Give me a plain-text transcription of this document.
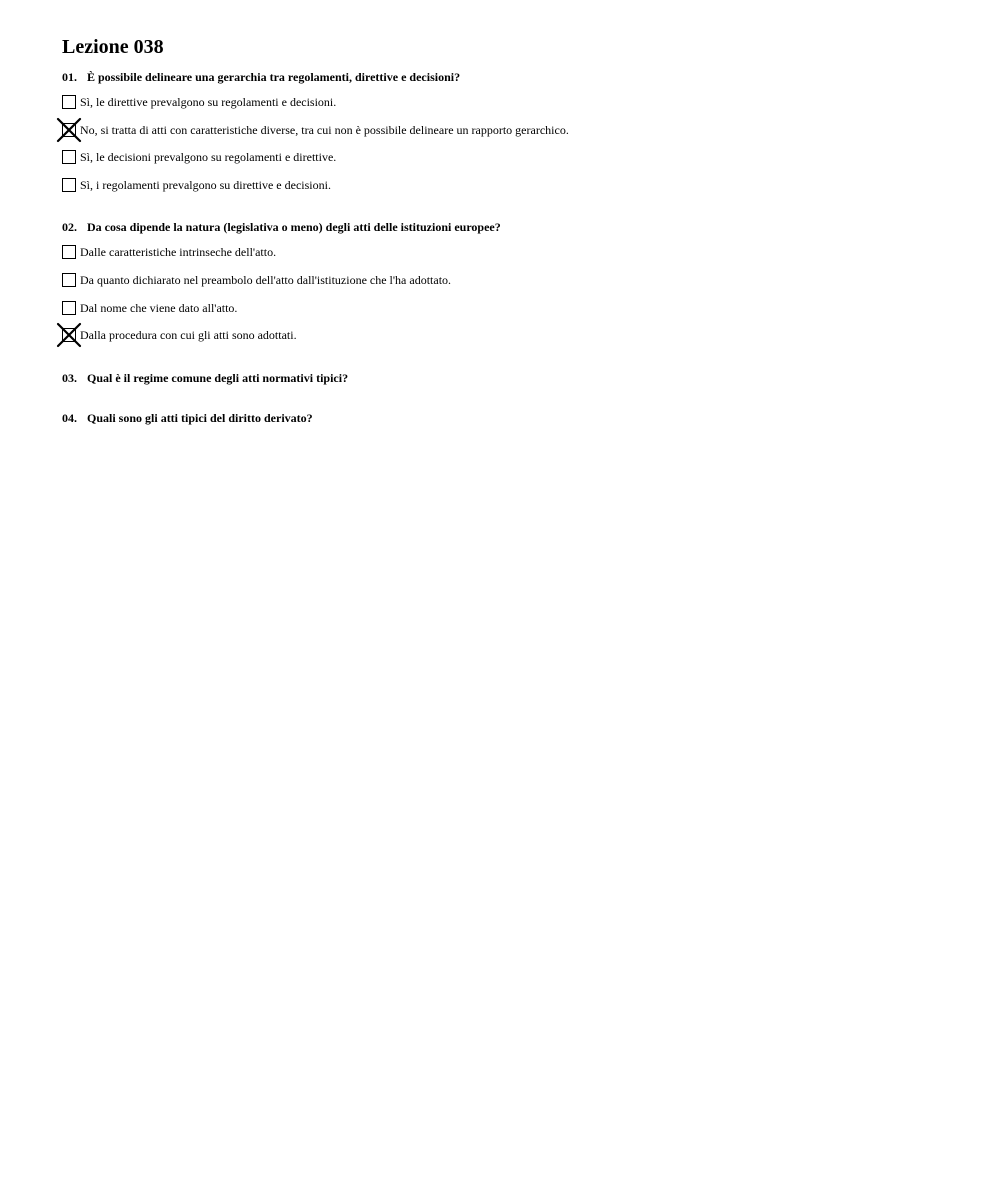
Lezione 038
01. È possibile delineare una gerarchia tra regolamenti, direttive e decisioni?
Sì, le direttive prevalgono su regolamenti e decisioni.
No, si tratta di atti con caratteristiche diverse, tra cui non è possibile delineare un rapporto gerarchico.
Sì, le decisioni prevalgono su regolamenti e direttive.
Sì, i regolamenti prevalgono su direttive e decisioni.
02. Da cosa dipende la natura (legislativa o meno) degli atti delle istituzioni europee?
Dalle caratteristiche intrinseche dell'atto.
Da quanto dichiarato nel preambolo dell'atto dall'istituzione che l'ha adottato.
Dal nome che viene dato all'atto.
Dalla procedura con cui gli atti sono adottati.
03. Qual è il regime comune degli atti normativi tipici?
04. Quali sono gli atti tipici del diritto derivato?
